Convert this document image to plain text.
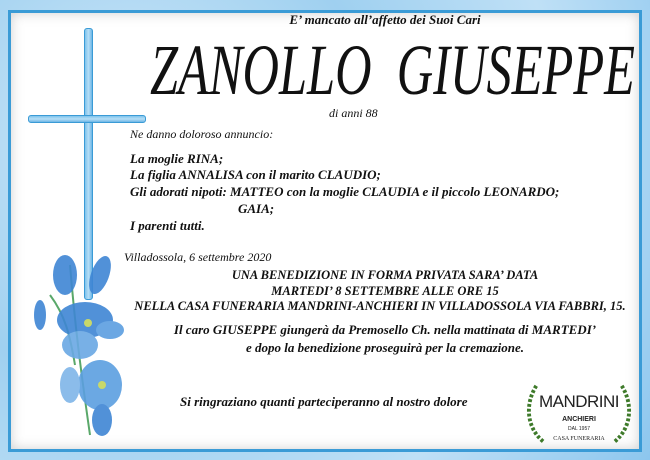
E’ mancato all’affetto dei Suoi Cari
ZANOLLO  GIUSEPPE
di anni 88
Ne danno doloroso annuncio:
La moglie RINA;
La figlia ANNALISA con il marito CLAUDIO;
Gli adorati nipoti: MATTEO con la moglie CLAUDIA e il piccolo LEONARDO;
GAIA;
I parenti tutti.
Villadossola, 6 settembre 2020
UNA BENEDIZIONE IN FORMA PRIVATA SARA’ DATA
MARTEDI’ 8 SETTEMBRE ALLE ORE 15
NELLA CASA FUNERARIA MANDRINI-ANCHIERI IN VILLADOSSOLA VIA FABBRI, 15.
Il caro GIUSEPPE giungerà da Premosello Ch. nella mattinata di MARTEDI’
e dopo la benedizione proseguirà per la cremazione.
Si ringraziano quanti parteciperanno al nostro dolore	MANDRINI
ANCHIERI
DAL 1957
CASA FUNERARIA
